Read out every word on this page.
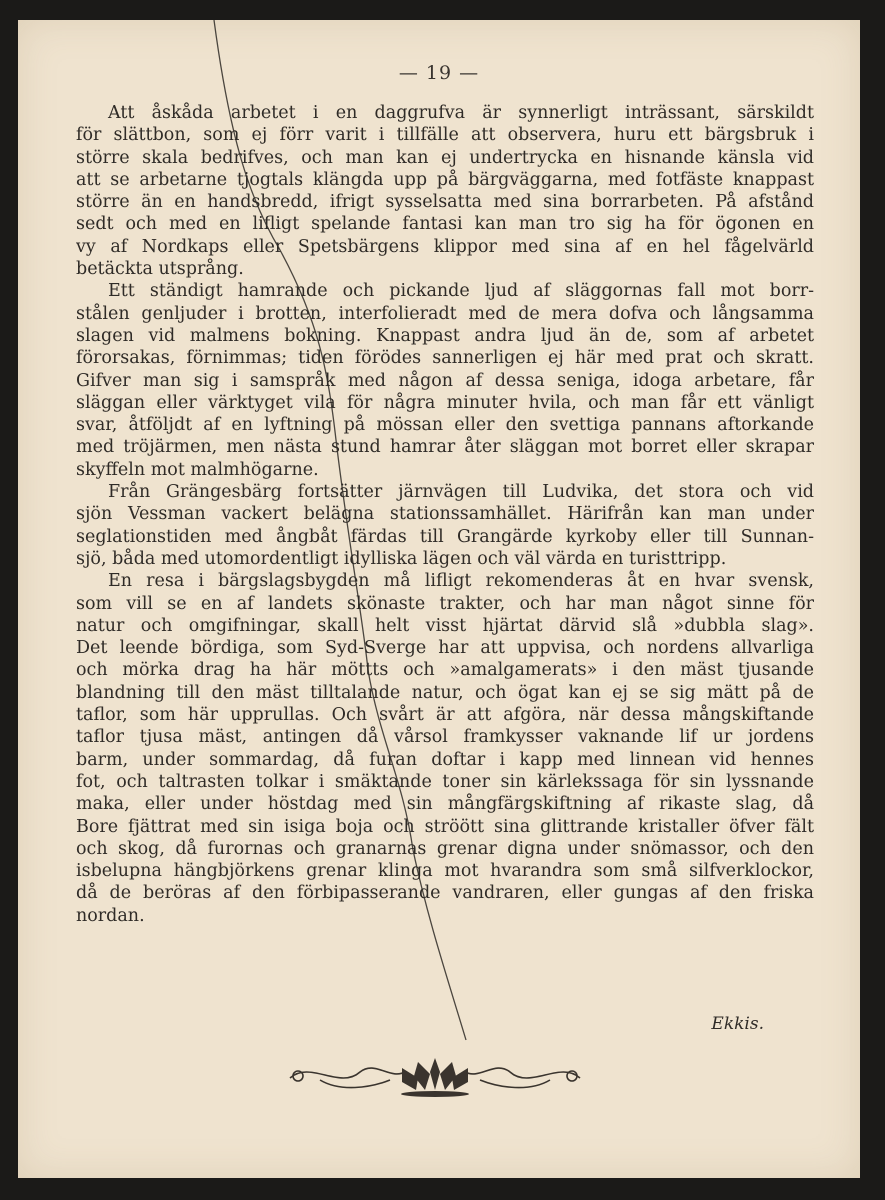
— 19 —
Att åskåda arbetet i en daggrufva är synnerligt inträssant, särskildt
för slättbon, som ej förr varit i tillfälle att observera, huru ett bärgsbruk i
större skala bedrifves, och man kan ej undertrycka en hisnande känsla vid
att se arbetarne tjogtals klängda upp på bärgväggarna, med fotfäste knappast
större än en handsbredd, ifrigt sysselsatta med sina borrarbeten. På afstånd
sedt och med en lifligt spelande fantasi kan man tro sig ha för ögonen en
vy af Nordkaps eller Spetsbärgens klippor med sina af en hel fågelvärld
betäckta utsprång.
Ett ständigt hamrande och pickande ljud af släggornas fall mot borr-
stålen genljuder i brotten, interfolieradt med de mera dofva och långsamma
slagen vid malmens bokning. Knappast andra ljud än de, som af arbetet
förorsakas, förnimmas; tiden förödes sannerligen ej här med prat och skratt.
Gifver man sig i samspråk med någon af dessa seniga, idoga arbetare, får
släggan eller värktyget vila för några minuter hvila, och man får ett vänligt
svar, åtföljdt af en lyftning på mössan eller den svettiga pannans aftorkande
med tröjärmen, men nästa stund hamrar åter släggan mot borret eller skrapar
skyffeln mot malmhögarne.
Från Grängesbärg fortsätter järnvägen till Ludvika, det stora och vid
sjön Vessman vackert belägna stationssamhället. Härifrån kan man under
seglationstiden med ångbåt färdas till Grangärde kyrkoby eller till Sunnan-
sjö, båda med utomordentligt idylliska lägen och väl värda en turisttripp.
En resa i bärgslagsbygden må lifligt rekomenderas åt en hvar svensk,
som vill se en af landets skönaste trakter, och har man något sinne för
natur och omgifningar, skall helt visst hjärtat därvid slå »dubbla slag».
Det leende bördiga, som Syd-Sverge har att uppvisa, och nordens allvarliga
och mörka drag ha här möttts och »amalgamerats» i den mäst tjusande
blandning till den mäst tilltalande natur, och ögat kan ej se sig mätt på de
taflor, som här upprullas. Och svårt är att afgöra, när dessa mångskiftande
taflor tjusa mäst, antingen då vårsol framkysser vaknande lif ur jordens
barm, under sommardag, då furan doftar i kapp med linnean vid hennes
fot, och taltrasten tolkar i smäktande toner sin kärlekssaga för sin lyssnande
maka, eller under höstdag med sin mångfärgskiftning af rikaste slag, då
Bore fjättrat med sin isiga boja och ströött sina glittrande kristaller öfver fält
och skog, då furornas och granarnas grenar digna under snömassor, och den
isbelupna hängbjörkens grenar klinga mot hvarandra som små silfverklockor,
då de beröras af den förbipasserande vandraren, eller gungas af den friska
nordan.
Ekkis.
